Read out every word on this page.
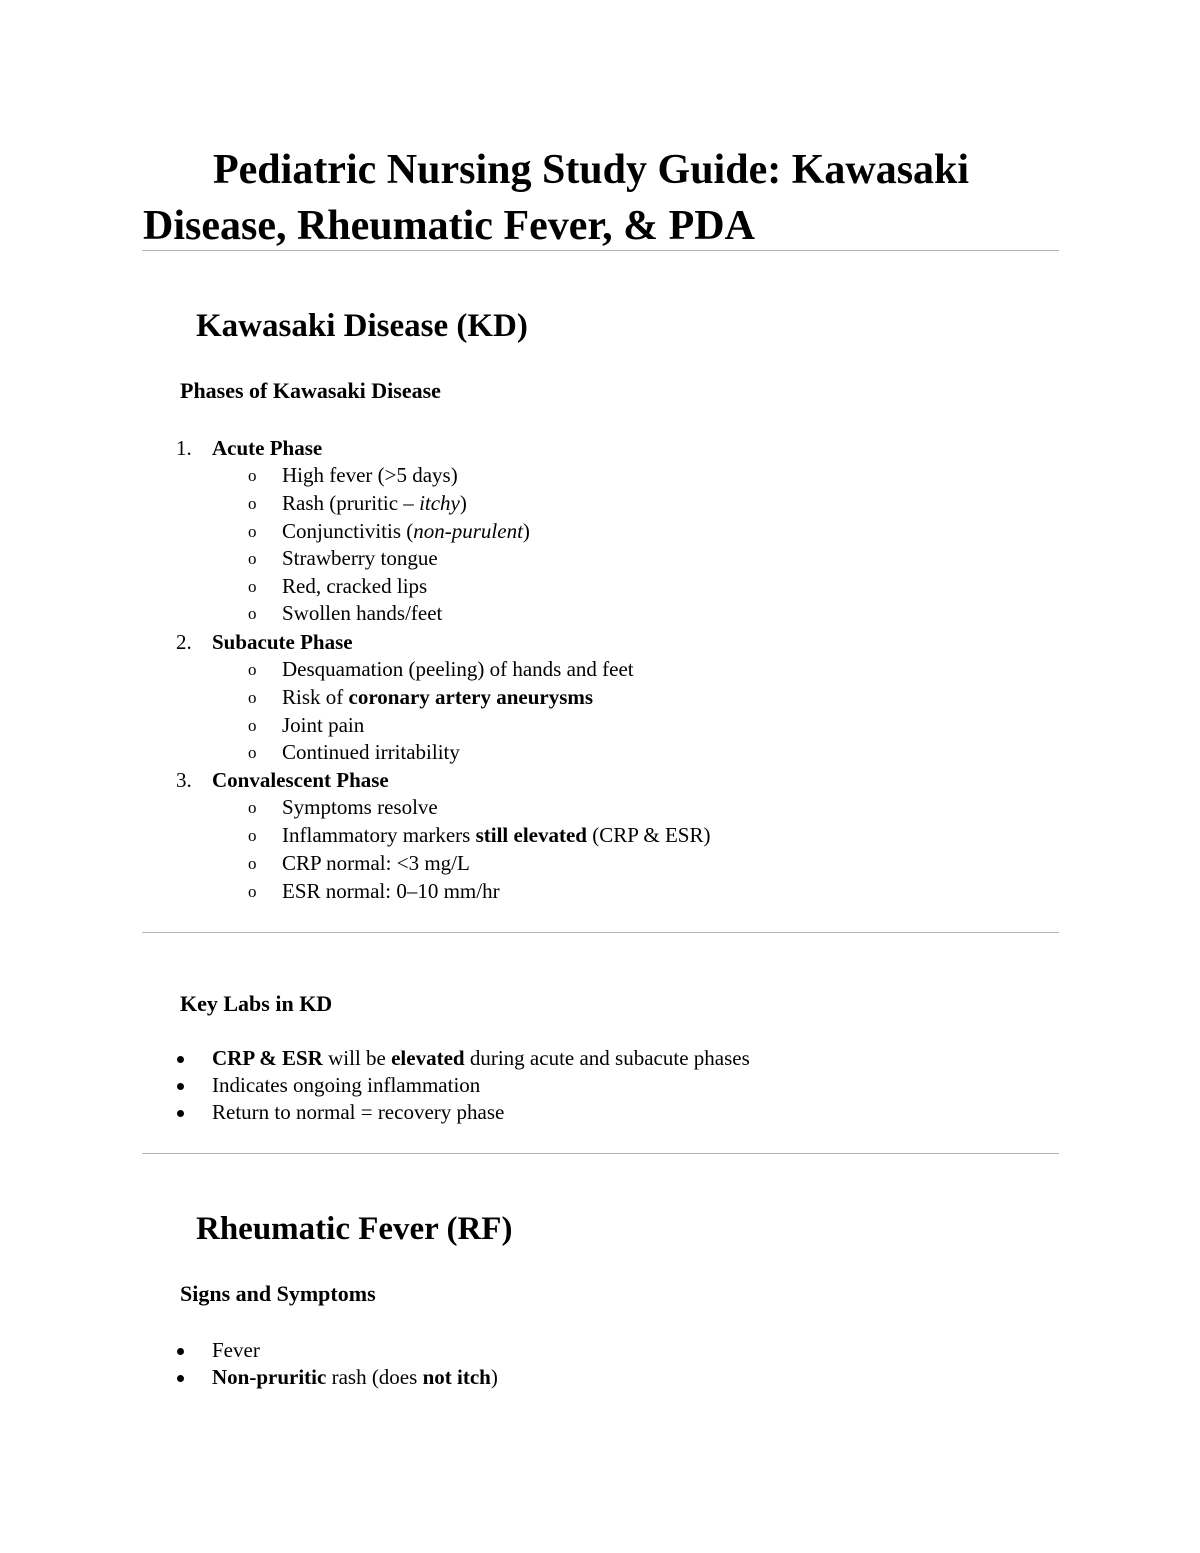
Pediatric Nursing Study Guide: Kawasaki
Disease, Rheumatic Fever, & PDA
Kawasaki Disease (KD)
Phases of Kawasaki Disease
1. Acute Phase
o High fever (>5 days)
o Rash (pruritic – itchy)
o Conjunctivitis (non-purulent)
o Strawberry tongue
o Red, cracked lips
o Swollen hands/feet
2. Subacute Phase
o Desquamation (peeling) of hands and feet
o Risk of coronary artery aneurysms
o Joint pain
o Continued irritability
3. Convalescent Phase
o Symptoms resolve
o Inflammatory markers still elevated (CRP & ESR)
o CRP normal: <3 mg/L
o ESR normal: 0–10 mm/hr
Key Labs in KD
CRP & ESR will be elevated during acute and subacute phases
Indicates ongoing inflammation
Return to normal = recovery phase
Rheumatic Fever (RF)
Signs and Symptoms
Fever
Non-pruritic rash (does not itch)
